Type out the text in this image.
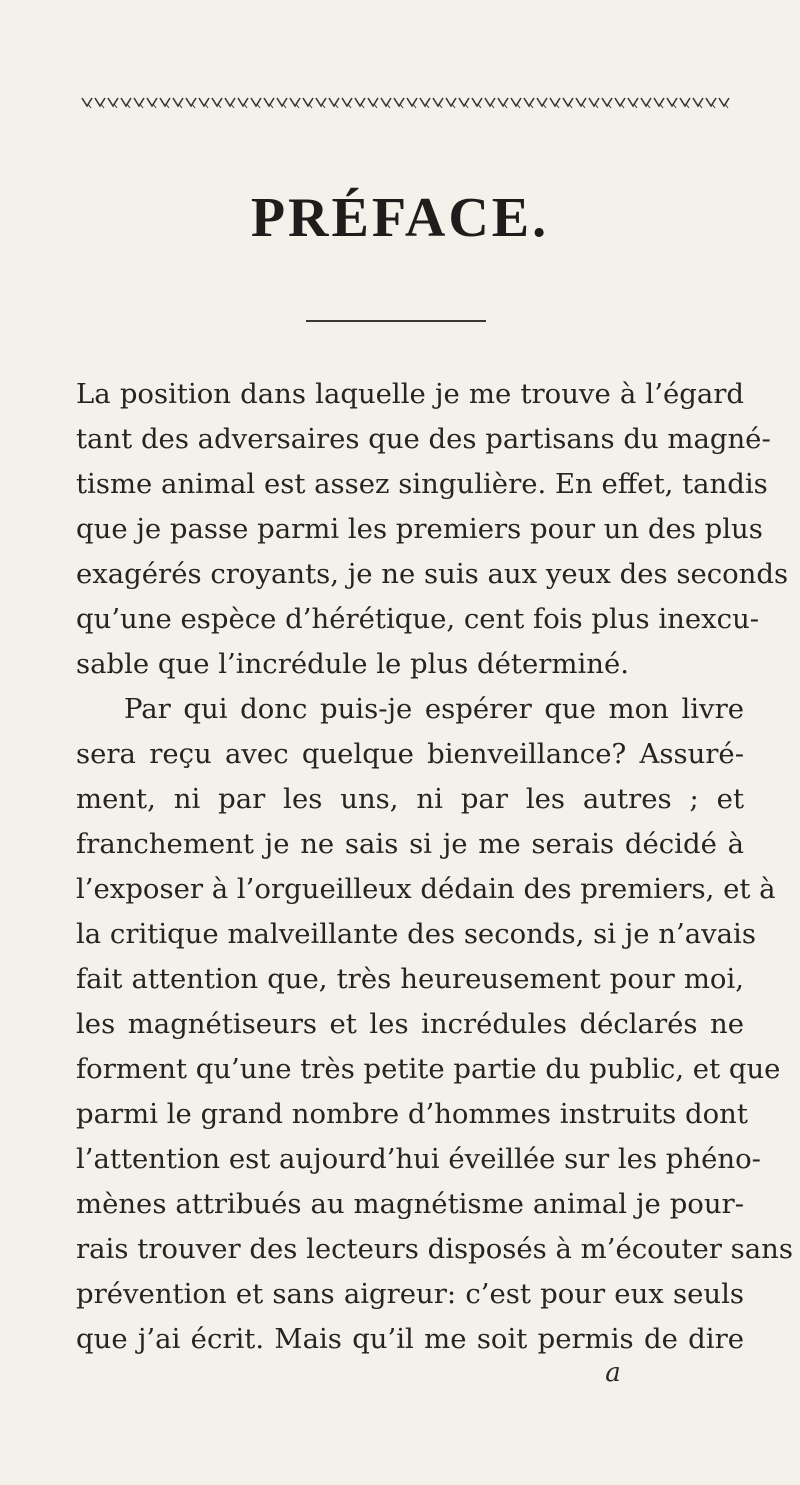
PRÉFACE.
La position dans laquelle je me trouve à l’égard
tant des adversaires que des partisans du magné-
tisme animal est assez singulière. En effet, tandis
que je passe parmi les premiers pour un des plus
exagérés croyants, je ne suis aux yeux des seconds
qu’une espèce d’hérétique, cent fois plus inexcu-
sable que l’incrédule le plus déterminé.
Par qui donc puis-je espérer que mon livre
sera reçu avec quelque bienveillance? Assuré-
ment, ni par les uns, ni par les autres ; et
franchement je ne sais si je me serais décidé à
l’exposer à l’orgueilleux dédain des premiers, et à
la critique malveillante des seconds, si je n’avais
fait attention que, très heureusement pour moi,
les magnétiseurs et les incrédules déclarés ne
forment qu’une très petite partie du public, et que
parmi le grand nombre d’hommes instruits dont
l’attention est aujourd’hui éveillée sur les phéno-
mènes attribués au magnétisme animal je pour-
rais trouver des lecteurs disposés à m’écouter sans
prévention et sans aigreur: c’est pour eux seuls
que j’ai écrit. Mais qu’il me soit permis de dire
a
